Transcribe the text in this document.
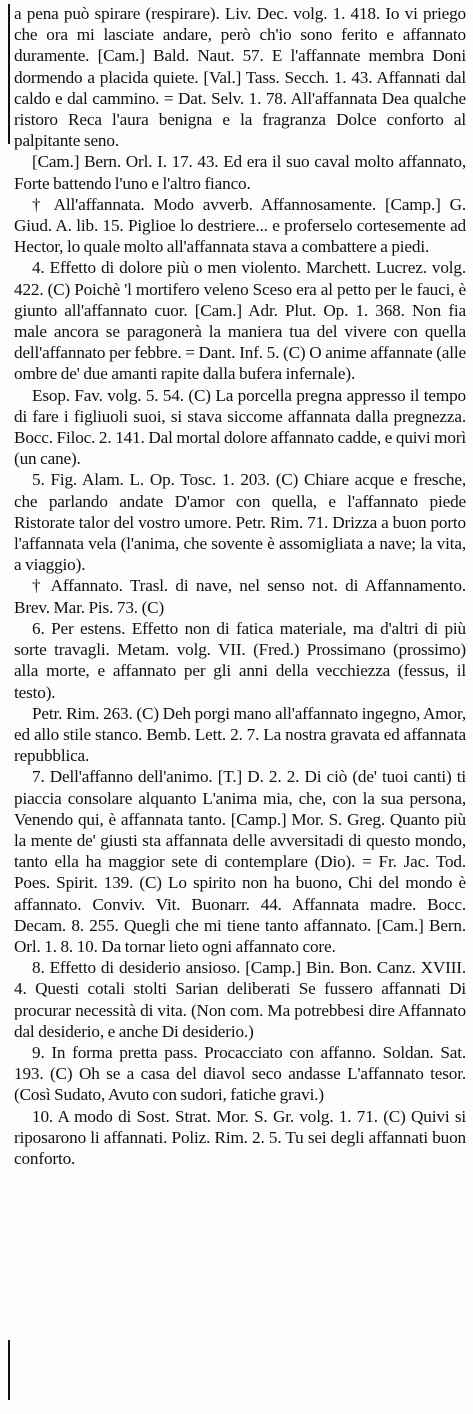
a pena può spirare (respirare). Liv. Dec. volg. 1. 418. Io vi priego che ora mi lasciate andare, però ch'io sono ferito e affannato duramente. [Cam.] Bald. Naut. 57. E l'affannate membra Doni dormendo a placida quiete. [Val.] Tass. Secch. 1. 43. Affannati dal caldo e dal cammino. = Dat. Selv. 1. 78. All'affannata Dea qualche ristoro Reca l'aura benigna e la fragranza Dolce conforto al palpitante seno.

[Cam.] Bern. Orl. I. 17. 43. Ed era il suo caval molto affannato, Forte battendo l'uno e l'altro fianco.

† All'affannata. Modo avverb. Affannosamente. [Camp.] G. Giud. A. lib. 15. Piglioe lo destriere... e proferselo cortesemente ad Hector, lo quale molto all'affannata stava a combattere a piedi.

4. Effetto di dolore più o men violento. Marchett. Lucrez. volg. 422. (C) Poichè 'l mortifero veleno Sceso era al petto per le fauci, è giunto all'affannato cuor. [Cam.] Adr. Plut. Op. 1. 368. Non fia male ancora se paragonerà la maniera tua del vivere con quella dell'affannato per febbre. = Dant. Inf. 5. (C) O anime affannate (alle ombre de' due amanti rapite dalla bufera infernale).

Esop. Fav. volg. 5. 54. (C) La porcella pregna appresso il tempo di fare i figliuoli suoi, si stava siccome affannata dalla pregnezza. Bocc. Filoc. 2. 141. Dal mortal dolore affannato cadde, e quivi morì (un cane).

5. Fig. Alam. L. Op. Tosc. 1. 203. (C) Chiare acque e fresche, che parlando andate D'amor con quella, e l'affannato piede Ristorate talor del vostro umore. Petr. Rim. 71. Drizza a buon porto l'affannata vela (l'anima, che sovente è assomigliata a nave; la vita, a viaggio).

† Affannato. Trasl. di nave, nel senso not. di Affannamento. Brev. Mar. Pis. 73. (C)

6. Per estens. Effetto non di fatica materiale, ma d'altri di più sorte travagli. Metam. volg. VII. (Fred.) Prossimano (prossimo) alla morte, e affannato per gli anni della vecchiezza (fessus, il testo).

Petr. Rim. 263. (C) Deh porgi mano all'affannato ingegno, Amor, ed allo stile stanco. Bemb. Lett. 2. 7. La nostra gravata ed affannata repubblica.

7. Dell'affanno dell'animo. [T.] D. 2. 2. Di ciò (de' tuoi canti) ti piaccia consolare alquanto L'anima mia, che, con la sua persona, Venendo qui, è affannata tanto. [Camp.] Mor. S. Greg. Quanto più la mente de' giusti sta affannata delle avversitadi di questo mondo, tanto ella ha maggior sete di contemplare (Dio). = Fr. Jac. Tod. Poes. Spirit. 139. (C) Lo spirito non ha buono, Chi del mondo è affannato. Conviv. Vit. Buonarr. 44. Affannata madre. Bocc. Decam. 8. 255. Quegli che mi tiene tanto affannato. [Cam.] Bern. Orl. 1. 8. 10. Da tornar lieto ogni affannato core.

8. Effetto di desiderio ansioso. [Camp.] Bin. Bon. Canz. XVIII. 4. Questi cotali stolti Sarian deliberati Se fussero affannati Di procurar necessità di vita. (Non com. Ma potrebbesi dire Affannato dal desiderio, e anche Di desiderio.)

9. In forma pretta pass. Procacciato con affanno. Soldan. Sat. 193. (C) Oh se a casa del diavol seco andasse L'affannato tesor. (Così Sudato, Avuto con sudori, fatiche gravi.)

10. A modo di Sost. Strat. Mor. S. Gr. volg. 1. 71. (C) Quivi si riposarono li affannati. Poliz. Rim. 2. 5. Tu sei degli affannati buon conforto.
